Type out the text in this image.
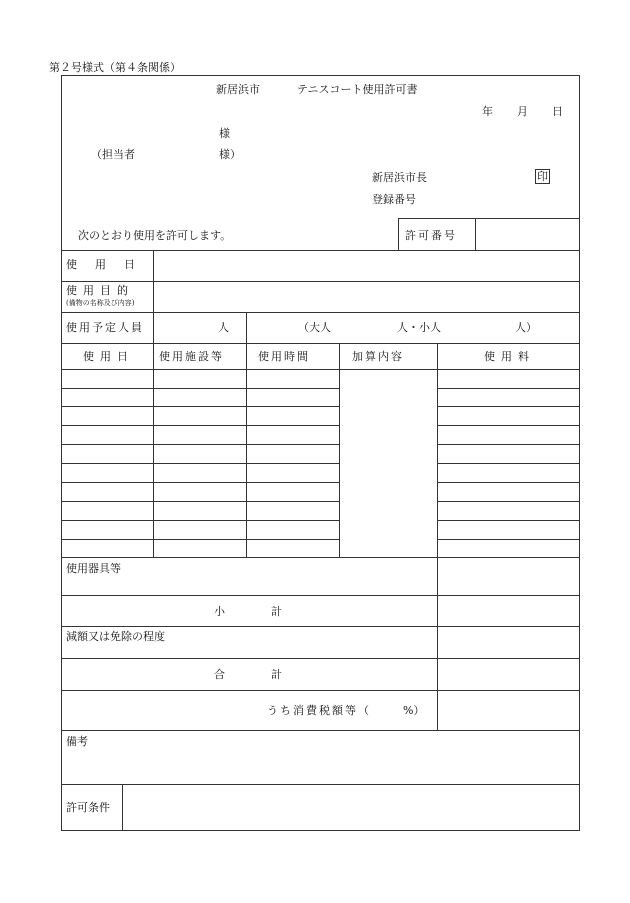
第２号様式（第４条関係）
新居浜市	テニスコート使用許可書
年 月 日
様
（担当者	様）
新居浜市長	印
登録番号
次のとおり使用を許可します。	許可番号
使用日
使用目的
(備物の名称及び内容)
使用予定人員	人	（大人	人・小人	人）
使用日 使用施設等	使用時間	加算内容	使用料
使用器具等
小	計
減額又は免除の程度
合	計
うち消費税額等（	%）
備考
許可条件
